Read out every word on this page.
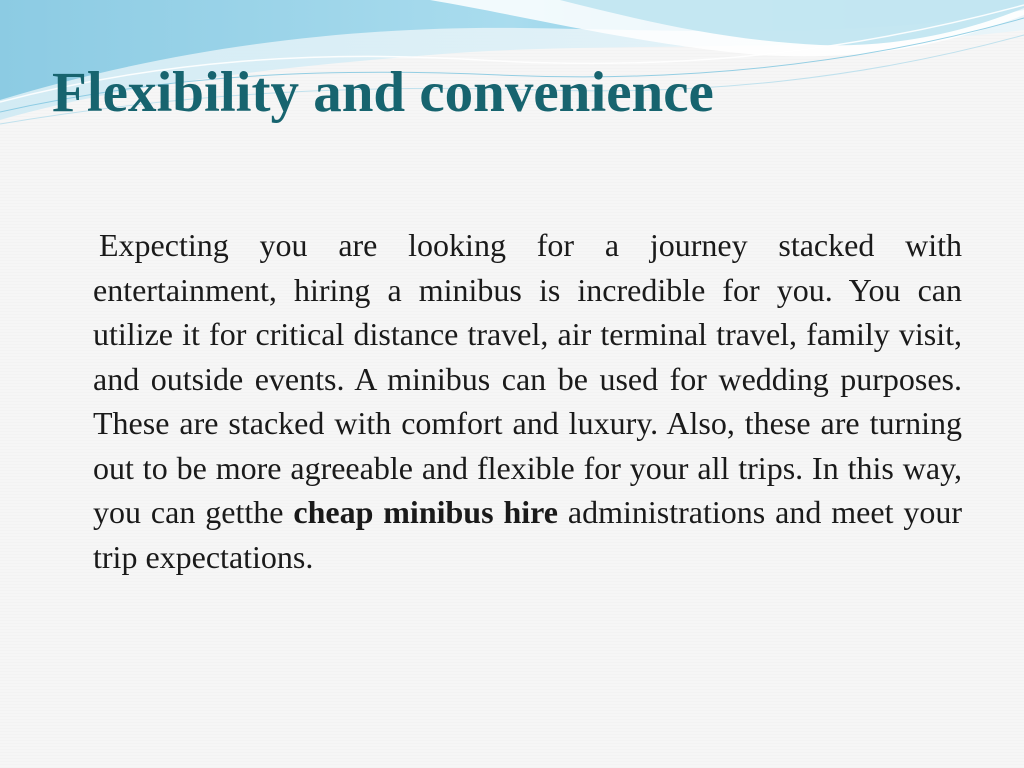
Flexibility and convenience

Expecting you are looking for a journey stacked with entertainment, hiring a minibus is incredible for you. You can utilize it for critical distance travel, air terminal travel, family visit, and outside events. A minibus can be used for wedding purposes. These are stacked with comfort and luxury. Also, these are turning out to be more agreeable and flexible for your all trips. In this way, you can getthe cheap minibus hire administrations and meet your trip expectations.
